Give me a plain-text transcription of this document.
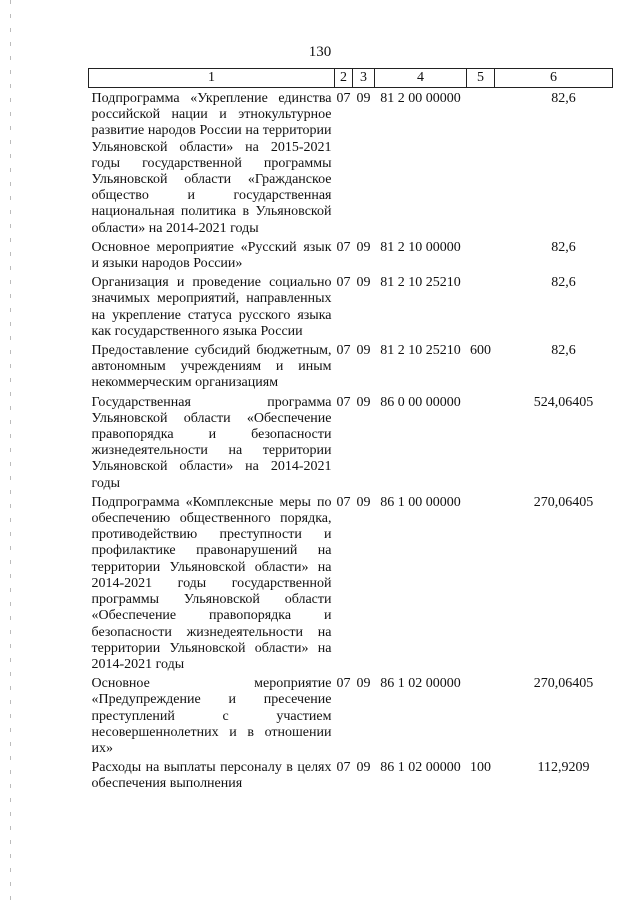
130
1	2	3	4	5	6
Подпрограмма «Укрепление единства российской нации и этнокультурное развитие народов России на территории Ульяновской области» на 2015-2021 годы государственной программы Ульяновской области «Гражданское общество и государственная национальная политика в Ульяновской области» на 2014-2021 годы	07	09	81 2 00 00000		82,6
Основное мероприятие «Русский язык и языки народов России»	07	09	81 2 10 00000		82,6
Организация и проведение социально значимых мероприятий, направленных на укрепление статуса русского языка как государственного языка России	07	09	81 2 10 25210		82,6
Предоставление субсидий бюджетным, автономным учреждениям и иным некоммерческим организациям	07	09	81 2 10 25210	600	82,6
Государственная программа Ульяновской области «Обеспечение правопорядка и безопасности жизнедеятельности на территории Ульяновской области» на 2014-2021 годы	07	09	86 0 00 00000		524,06405
Подпрограмма «Комплексные меры по обеспечению общественного порядка, противодействию преступности и профилактике правонарушений на территории Ульяновской области» на 2014-2021 годы государственной программы Ульяновской области «Обеспечение правопорядка и безопасности жизнедеятельности на территории Ульяновской области» на 2014-2021 годы	07	09	86 1 00 00000		270,06405
Основное мероприятие «Предупреждение и пресечение преступлений с участием несовершеннолетних и в отношении их»	07	09	86 1 02 00000		270,06405
Расходы на выплаты персоналу в целях обеспечения выполнения	07	09	86 1 02 00000	100	112,9209
